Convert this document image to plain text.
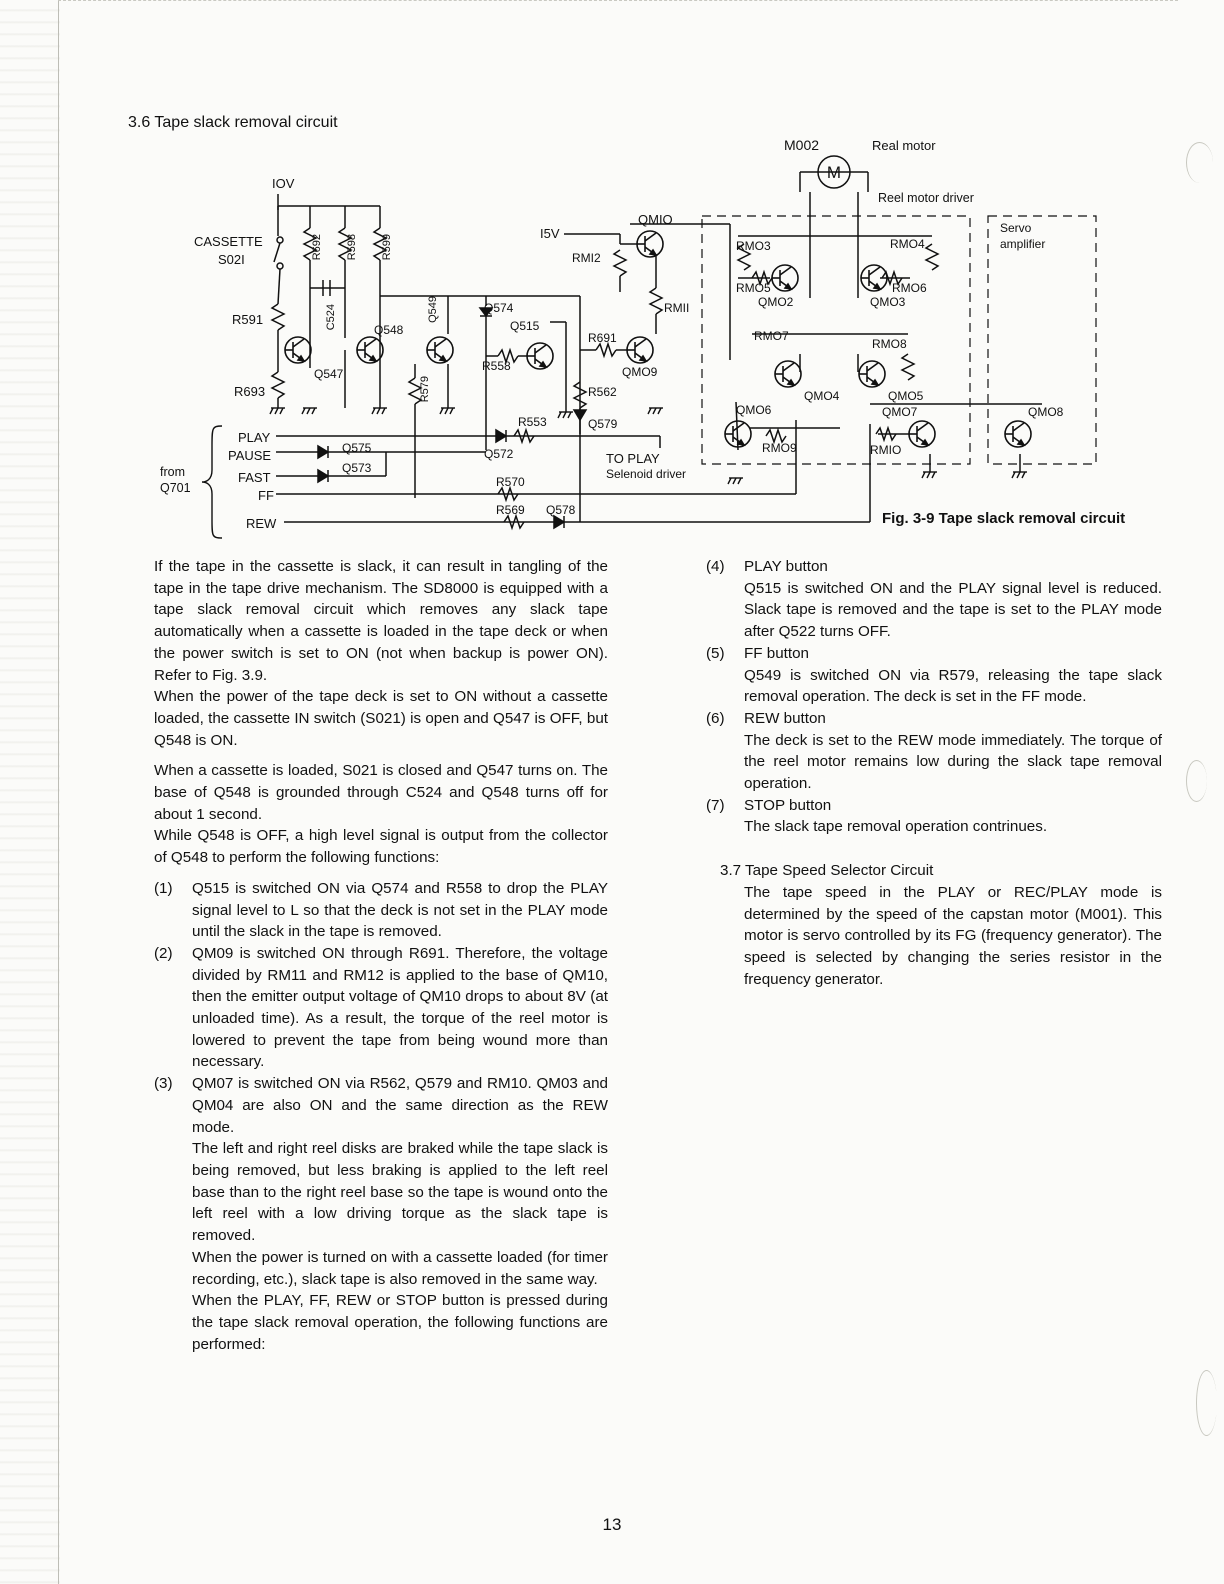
3.6 Tape slack removal circuit
M002	Real motor
M
Reel motor driver
Servo
amplifier
IOV
I5V
CASSETTE
S02I
TO PLAY
Selenoid driver
from
Q701
PLAY
PAUSE
FAST
FF
REW
R591
R693
Q547
Q548
Q574
Q515
R558
R553
Q572
Q575
Q573
R570
R569 Q578
QMIO
RMI2
RMII
R691
QMO9
R562
Q579
RMO3	RMO4
RMO5
QMO2
RMO6
QMO3
RMO7
RMO8
QMO4	QMO5
QMO6	QMO7
RMO9	RMIO
QMO8
R692 R598 R599
C524	Q549
R579
Fig. 3-9 Tape slack removal circuit

If the tape in the cassette is slack, it can result in tangling of the tape in the tape drive mechanism. The SD8000 is equipped with a tape slack removal circuit which removes any slack tape automatically when a cassette is loaded in the tape deck or when the power switch is set to ON (not when backup is power ON). Refer to Fig. 3.9.

When the power of the tape deck is set to ON without a cassette loaded, the cassette IN switch (S021) is open and Q547 is OFF, but Q548 is ON.

When a cassette is loaded, S021 is closed and Q547 turns on. The base of Q548 is grounded through C524 and Q548 turns off for about 1 second.

While Q548 is OFF, a high level signal is output from the collector of Q548 to perform the following functions:

(1)	Q515 is switched ON via Q574 and R558 to drop the PLAY signal level to L so that the deck is not set in the PLAY mode until the slack in the tape is removed.
(2)	QM09 is switched ON through R691. Therefore, the voltage divided by RM11 and RM12 is applied to the base of QM10, then the emitter output voltage of QM10 drops to about 8V (at unloaded time). As a result, the torque of the reel motor is lowered to prevent the tape from being wound more than necessary.
(3)	QM07 is switched ON via R562, Q579 and RM10. QM03 and QM04 are also ON and the same direction as the REW mode.

The left and right reel disks are braked while the tape slack is being removed, but less braking is applied to the left reel base than to the right reel base so the tape is wound onto the left reel with a low driving torque as the slack tape is removed.

When the power is turned on with a cassette loaded (for timer recording, etc.), slack tape is also removed in the same way.

When the PLAY, FF, REW or STOP button is pressed during the tape slack removal operation, the following functions are performed:

(4)	PLAY button

Q515 is switched ON and the PLAY signal level is reduced. Slack tape is removed and the tape is set to the PLAY mode after Q522 turns OFF.

(5)	FF button

Q549 is switched ON via R579, releasing the tape slack removal operation. The deck is set in the FF mode.

(6)	REW button

The deck is set to the REW mode immediately. The torque of the reel motor remains low during the slack tape removal operation.

(7)	STOP button

The slack tape removal operation contrinues.

3.7 Tape Speed Selector Circuit

The tape speed in the PLAY or REC/PLAY mode is determined by the speed of the capstan motor (M001). This motor is servo controlled by its FG (frequency generator). The speed is selected by changing the series resistor in the frequency generator.

13
